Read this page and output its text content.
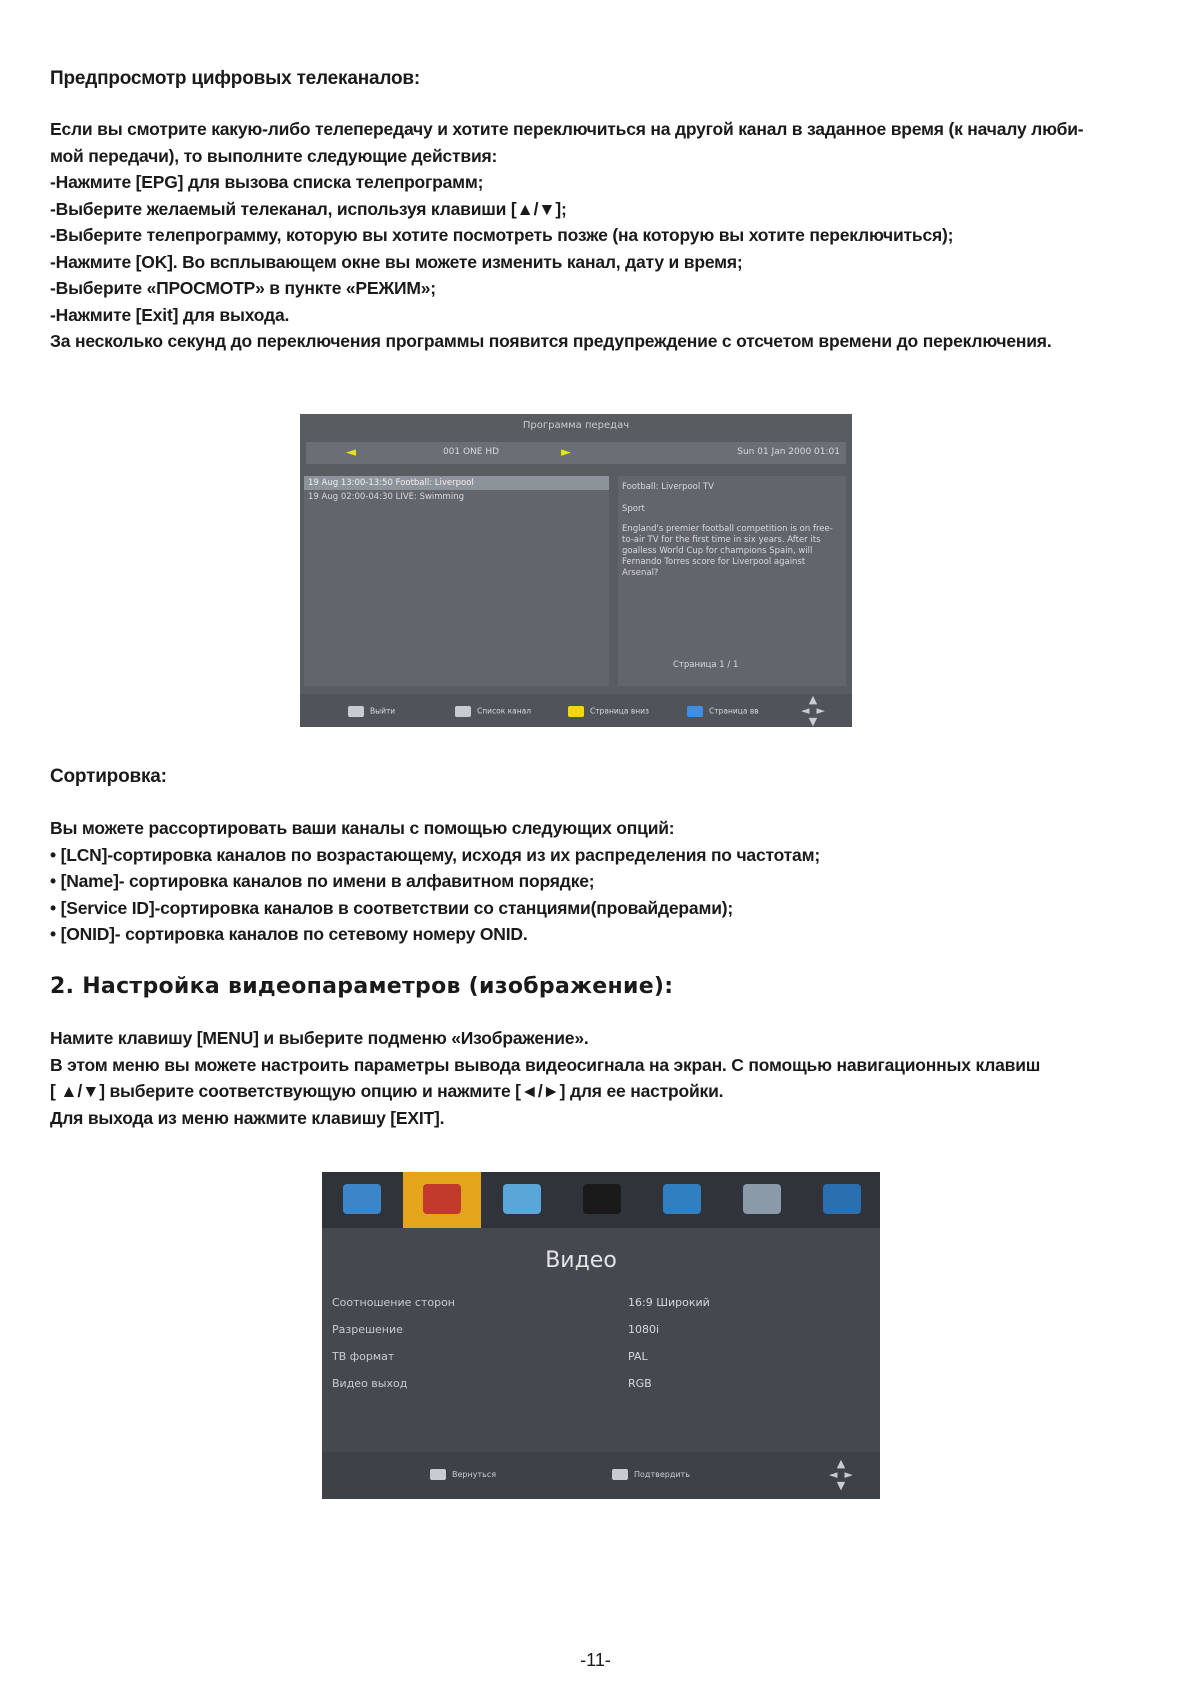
Предпросмотр цифровых телеканалов:
Если вы смотрите какую-либо телепередачу и хотите переключиться на другой канал в заданное время (к началу люби-
мой передачи), то выполните следующие действия:
-Нажмите [EPG] для вызова списка телепрограмм;
-Выберите желаемый телеканал, используя клавиши [▲/▼];
-Выберите телепрограмму, которую вы хотите посмотреть позже (на которую вы хотите переключиться);
-Нажмите [OK]. Во всплывающем окне вы можете изменить канал, дату и время;
-Выберите «ПРОСМОТР» в пункте «РЕЖИМ»;
-Нажмите [Exit] для выхода.
За несколько секунд до переключения программы появится предупреждение с отсчетом времени до переключения.
Программа передач
◄	001 ONE HD	►	Sun 01 Jan 2000 01:01
19 Aug 13:00-13:50 Football: Liverpool
19 Aug 02:00-04:30 LIVE: Swimming
Football: Liverpool TV
Sport
England's premier football competition is on free-to-air TV for the first time in six years. After its goalless World Cup for champions Spain, will Fernando Torres score for Liverpool against Arsenal?
Страница 1 / 1
Выйти	Список канал	Страница вниз	Страница вв
▲
◄  ►
▼
Сортировка:
Вы можете рассортировать ваши каналы с помощью следующих опций:
• [LCN]-сортировка каналов по возрастающему, исходя из их распределения по частотам;
• [Name]- сортировка каналов по имени в алфавитном порядке;
• [Service ID]-сортировка каналов в соответствии со станциями(провайдерами);
• [ONID]- сортировка каналов по сетевому номеру ONID.
2. Настройка видеопараметров (изображение):
Намите клавишу [MENU] и выберите подменю «Изображение».
В этом меню вы можете настроить параметры вывода видеосигнала на экран. С помощью навигационных клавиш
[ ▲/▼] выберите соответствующую опцию и нажмите [◄/►] для ее настройки.
Для выхода из меню нажмите клавишу [EXIT].
Видео
Соотношение сторон	16:9 Широкий
Разрешение	1080i
ТВ формат	PAL
Видео выход	RGB
Вернуться	Подтвердить
▲
◄  ►
▼
-11-
